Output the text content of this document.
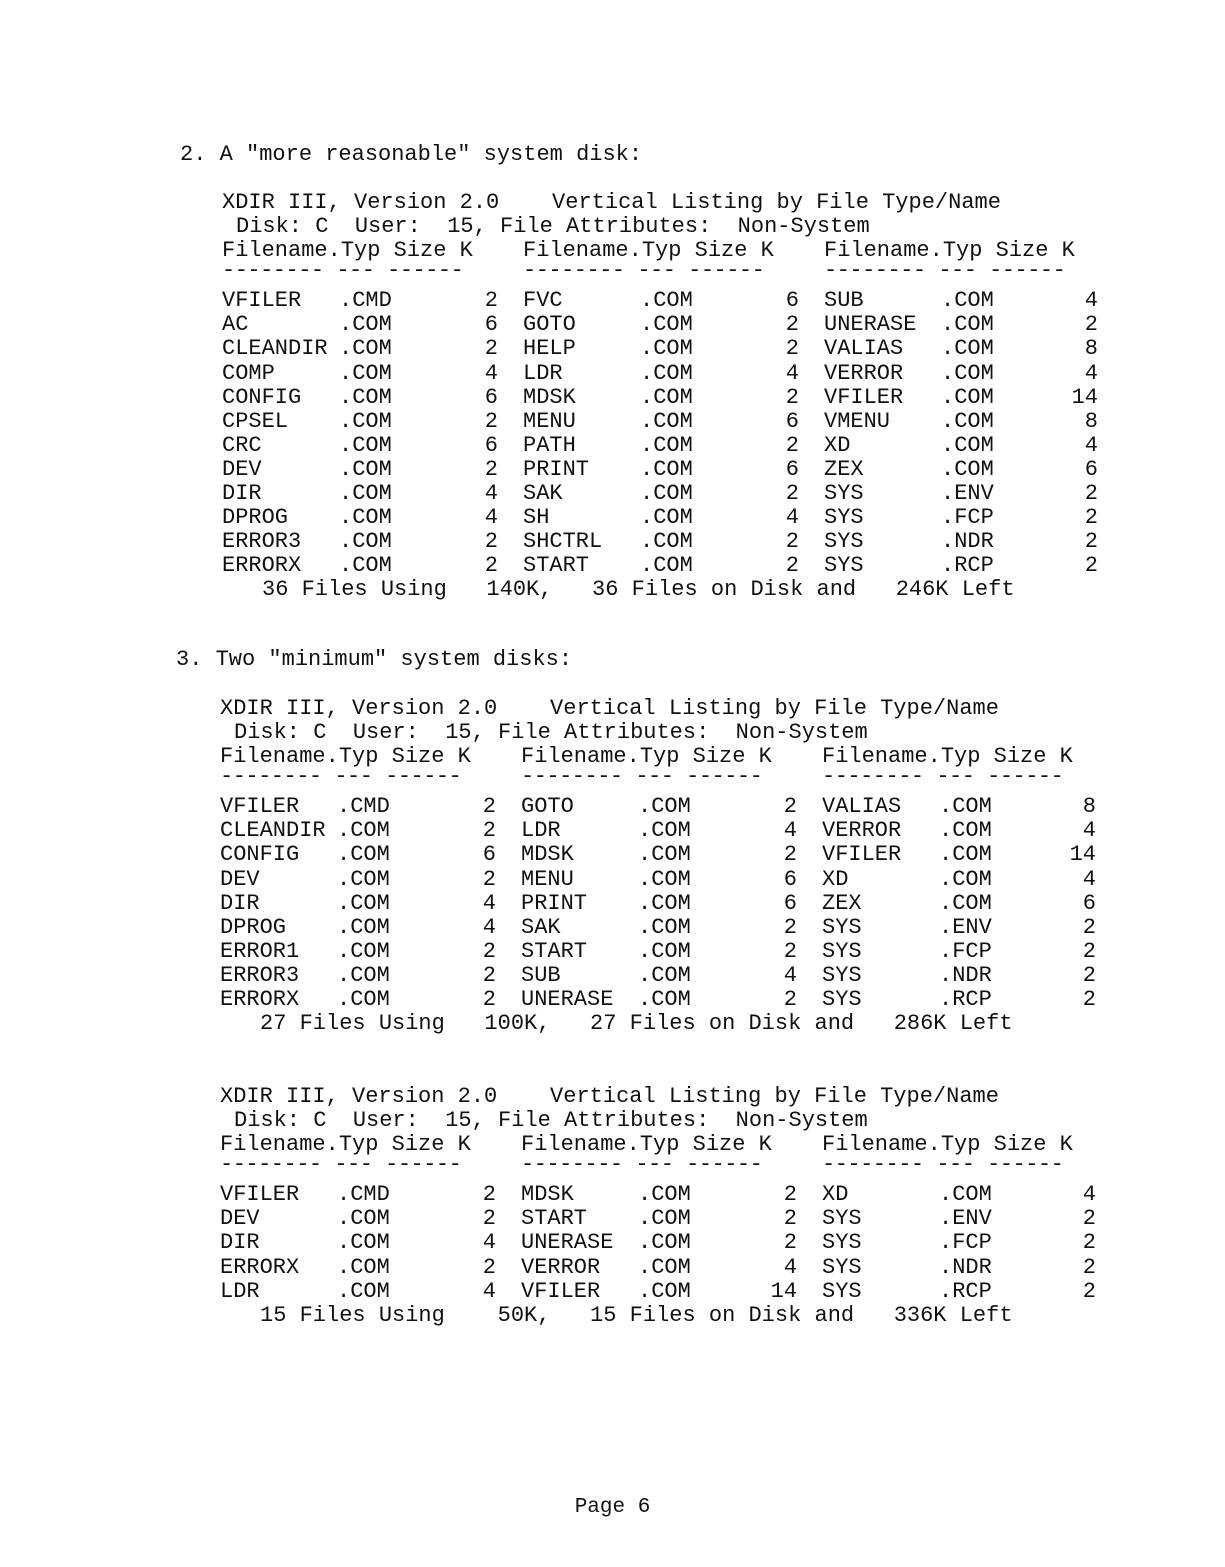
2. A "more reasonable" system disk:
XDIR III, Version 2.0    Vertical Listing by File Type/Name
Disk: C  User:  15, File Attributes:  Non-System
Filename.Typ Size K Filename.Typ Size K Filename.Typ Size K
-------- --- ------	-------- --- ------	-------- --- ------
VFILER .CMD	2 FVC	.COM	6 SUB	.COM	4
AC	.COM	6 GOTO	.COM	2 UNERASE .COM	2
CLEANDIR .COM	2 HELP	.COM	2 VALIAS .COM	8
COMP	.COM	4 LDR	.COM	4 VERROR .COM	4
CONFIG .COM	6 MDSK	.COM	2 VFILER .COM	14
CPSEL .COM	2 MENU	.COM	6 VMENU .COM	8
CRC	.COM	6 PATH	.COM	2 XD	.COM	4
DEV	.COM	2 PRINT .COM	6 ZEX	.COM	6
DIR	.COM	4 SAK	.COM	2 SYS	.ENV	2
DPROG .COM	4 SH	.COM	4 SYS	.FCP	2
ERROR3 .COM	2 SHCTRL .COM	2 SYS	.NDR	2
ERRORX .COM	2 START .COM	2 SYS	.RCP	2
36 Files Using   140K,   36 Files on Disk and   246K Left
3. Two "minimum" system disks:
XDIR III, Version 2.0    Vertical Listing by File Type/Name
Disk: C  User:  15, File Attributes:  Non-System
Filename.Typ Size K Filename.Typ Size K Filename.Typ Size K
-------- --- ------	-------- --- ------	-------- --- ------
VFILER .CMD	2 GOTO	.COM	2 VALIAS .COM	8
CLEANDIR .COM	2 LDR	.COM	4 VERROR .COM	4
CONFIG .COM	6 MDSK	.COM	2 VFILER .COM	14
DEV	.COM	2 MENU	.COM	6 XD	.COM	4
DIR	.COM	4 PRINT .COM	6 ZEX	.COM	6
DPROG .COM	4 SAK	.COM	2 SYS	.ENV	2
ERROR1 .COM	2 START .COM	2 SYS	.FCP	2
ERROR3 .COM	2 SUB	.COM	4 SYS	.NDR	2
ERRORX .COM	2 UNERASE .COM	2 SYS	.RCP	2
27 Files Using   100K,   27 Files on Disk and   286K Left
XDIR III, Version 2.0    Vertical Listing by File Type/Name
Disk: C  User:  15, File Attributes:  Non-System
Filename.Typ Size K Filename.Typ Size K Filename.Typ Size K
-------- --- ------	-------- --- ------	-------- --- ------
VFILER .CMD	2 MDSK	.COM	2 XD	.COM	4
DEV	.COM	2 START .COM	2 SYS	.ENV	2
DIR	.COM	4 UNERASE .COM	2 SYS	.FCP	2
ERRORX .COM	2 VERROR .COM	4 SYS	.NDR	2
LDR	.COM	4 VFILER .COM	14 SYS	.RCP	2
15 Files Using    50K,   15 Files on Disk and   336K Left
Page 6
